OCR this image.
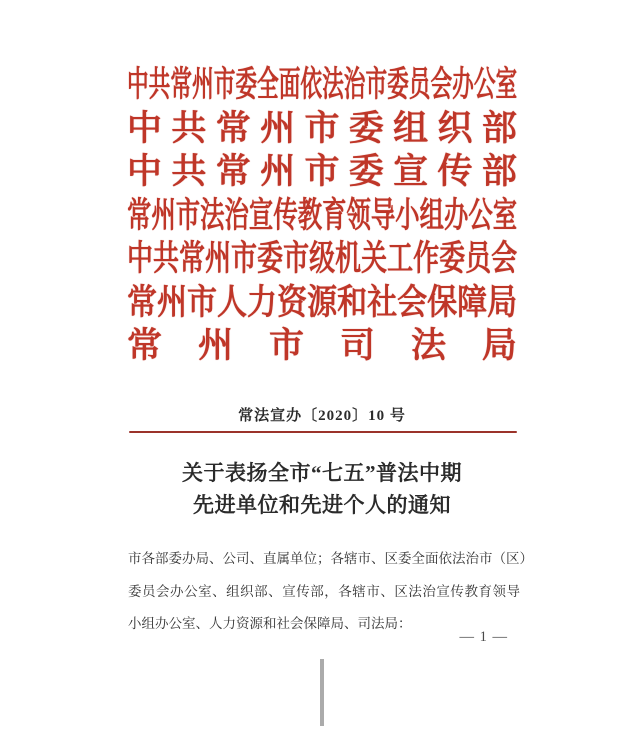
中 共 常 州 市 委 全 面 依 法 治 市 委 员 会 办 公 室
中 共 常 州 市 委 组 织 部
中 共 常 州 市 委 宣 传 部
常 州 市 法 治 宣 传 教 育 领 导 小 组 办 公 室
中 共 常 州 市 委 市 级 机 关 工 作 委 员 会
常 州 市 人 力 资 源 和 社 会 保 障 局
常 州 市 司 法 局
常法宣办〔2020〕10 号
关于表扬全市“七五”普法中期
先进单位和先进个人的通知
市各部委办局、公司、直属单位；各辖市、区委全面依法治市（区）
委员会办公室、组织部、宣传部，各辖市、区法治宣传教育领导
小组办公室、人力资源和社会保障局、司法局：
— 1 —
